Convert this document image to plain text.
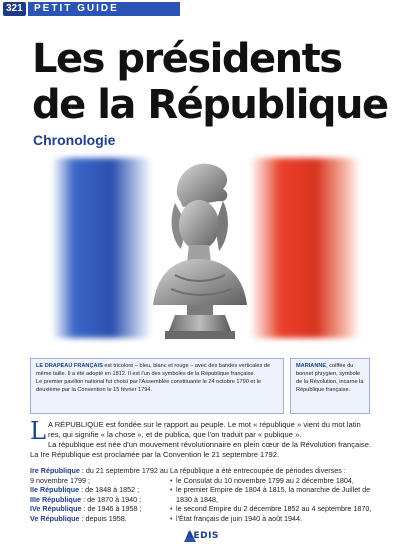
321	PETIT GUIDE
Les présidents
de la République
Chronologie
LE DRAPEAU FRANÇAIS est tricolore – bleu, blanc et rouge – avec des bandes verticales de même taille. Il a été adopté en 1812. Il est l'un des symboles de la République française.
Le premier pavillon national fut choisi par l'Assemblée constituante le 24 octobre 1790 et le deuxième par la Convention le 15 février 1794.
MARIANNE, coiffée du bonnet phrygien, symbole de la Révolution, incarne la République française.
L A RÉPUBLIQUE est fondée sur le rapport au peuple. Le mot « république » vient du mot latin res, qui signifie « la chose », et de publica, que l'on traduit par « publique ».

La république est née d'un mouvement révolutionnaire en plein cœur de la Révolution française.

La Ire République est proclamée par la Convention le 21 septembre 1792.

Ire République : du 21 septembre 1792 au 9 novembre 1799 ;
IIe République : de 1848 à 1852 ;
IIIe République : de 1870 à 1940 ;
IVe République : de 1946 à 1958 ;
Ve République : depuis 1958.
La république a été entrecoupée de périodes diverses :
• le Consulat du 10 novembre 1799 au 2 décembre 1804,
• le premier Empire de 1804 à 1815, la monarchie de Juillet de 1830 à 1848,
• le second Empire du 2 décembre 1852 au 4 septembre 1870,
• l'État français de juin 1940 à août 1944.
AEDIS
